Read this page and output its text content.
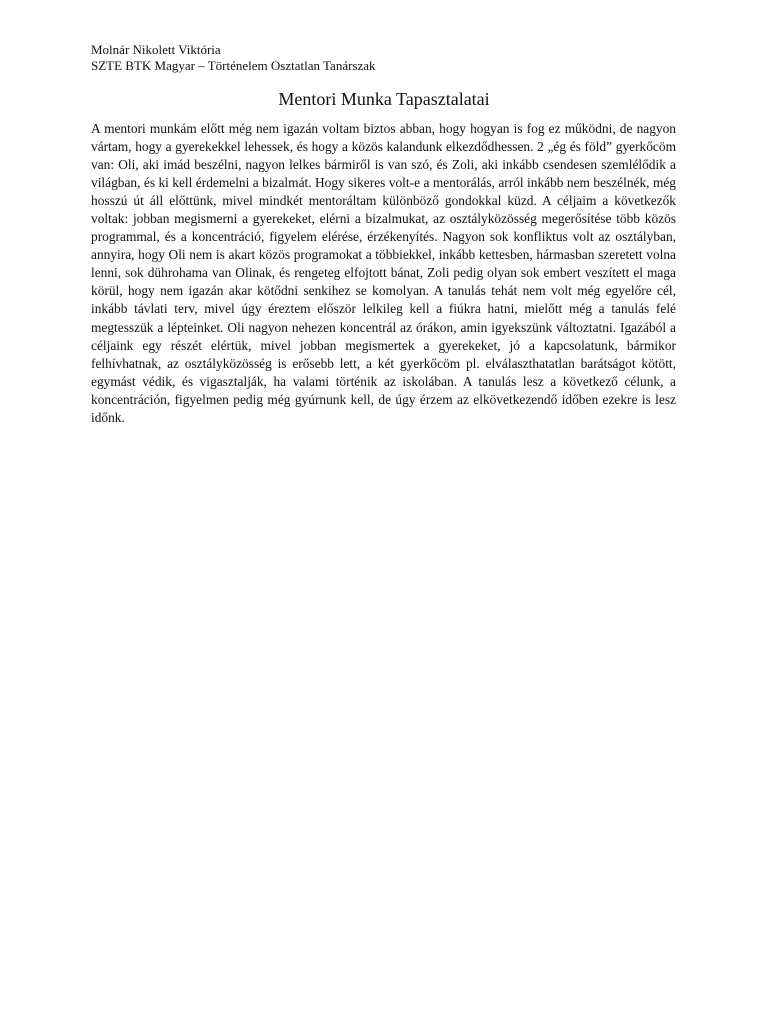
Molnár Nikolett Viktória
SZTE BTK Magyar – Történelem Osztatlan Tanárszak
Mentori Munka Tapasztalatai

A mentori munkám előtt még nem igazán voltam biztos abban, hogy hogyan is fog ez működni, de nagyon vártam, hogy a gyerekekkel lehessek, és hogy a közös kalandunk elkezdődhessen. 2 „ég és föld” gyerkőcöm van: Oli, aki imád beszélni, nagyon lelkes bármiről is van szó, és Zoli, aki inkább csendesen szemlélődik a világban, és ki kell érdemelni a bizalmát. Hogy sikeres volt-e a mentorálás, arról inkább nem beszélnék, még hosszú út áll előttünk, mivel mindkét mentoráltam különböző gondokkal küzd. A céljaim a következők voltak: jobban megismerni a gyerekeket, elérni a bizalmukat, az osztályközösség megerősítése több közös programmal, és a koncentráció, figyelem elérése, érzékenyítés. Nagyon sok konfliktus volt az osztályban, annyira, hogy Oli nem is akart közös programokat a többiekkel, inkább kettesben, hármasban szeretett volna lenni, sok dührohama van Olinak, és rengeteg elfojtott bánat, Zoli pedig olyan sok embert veszített el maga körül, hogy nem igazán akar kötődni senkihez se komolyan. A tanulás tehát nem volt még egyelőre cél, inkább távlati terv, mivel úgy éreztem először lelkileg kell a fiúkra hatni, mielőtt még a tanulás felé megtesszük a lépteinket. Oli nagyon nehezen koncentrál az órákon, amin igyekszünk változtatni. Igazából a céljaink egy részét elértük, mivel jobban megismertek a gyerekeket, jó a kapcsolatunk, bármikor felhívhatnak, az osztályközösség is erősebb lett, a két gyerkőcöm pl. elválaszthatatlan barátságot kötött, egymást védik, és vigasztalják, ha valami történik az iskolában. A tanulás lesz a következő célunk, a koncentráción, figyelmen pedig még gyúrnunk kell, de úgy érzem az elkövetkezendő időben ezekre is lesz időnk.
